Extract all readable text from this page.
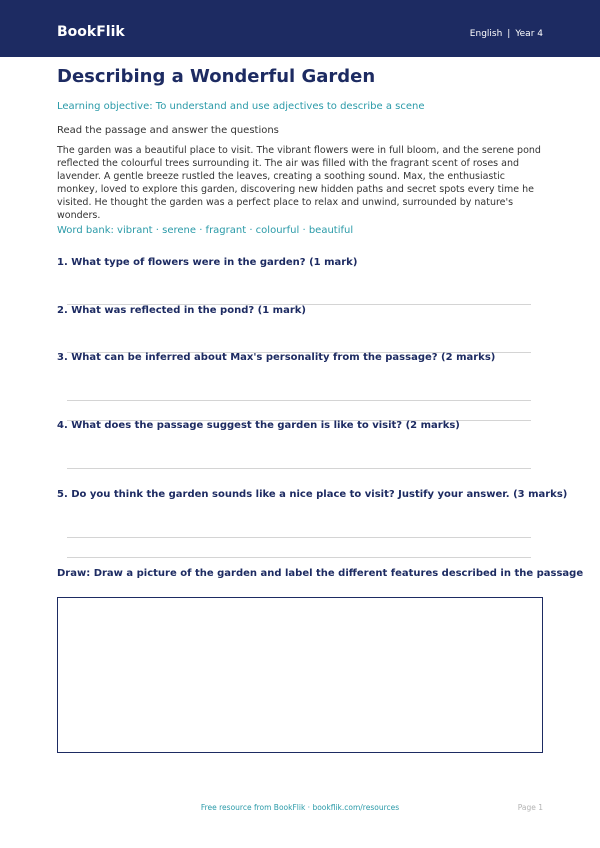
BookFlik	English | Year 4
Describing a Wonderful Garden
Learning objective: To understand and use adjectives to describe a scene
Read the passage and answer the questions

The garden was a beautiful place to visit. The vibrant flowers were in full bloom, and the serene pond reflected the colourful trees surrounding it. The air was filled with the fragrant scent of roses and lavender. A gentle breeze rustled the leaves, creating a soothing sound. Max, the enthusiastic monkey, loved to explore this garden, discovering new hidden paths and secret spots every time he visited. He thought the garden was a perfect place to relax and unwind, surrounded by nature's wonders.

Word bank: vibrant · serene · fragrant · colourful · beautiful
1. What type of flowers were in the garden? (1 mark)
2. What was reflected in the pond? (1 mark)
3. What can be inferred about Max's personality from the passage? (2 marks)
4. What does the passage suggest the garden is like to visit? (2 marks)
5. Do you think the garden sounds like a nice place to visit? Justify your answer. (3 marks)
Draw: Draw a picture of the garden and label the different features described in the passage
Free resource from BookFlik · bookflik.com/resources	Page 1
